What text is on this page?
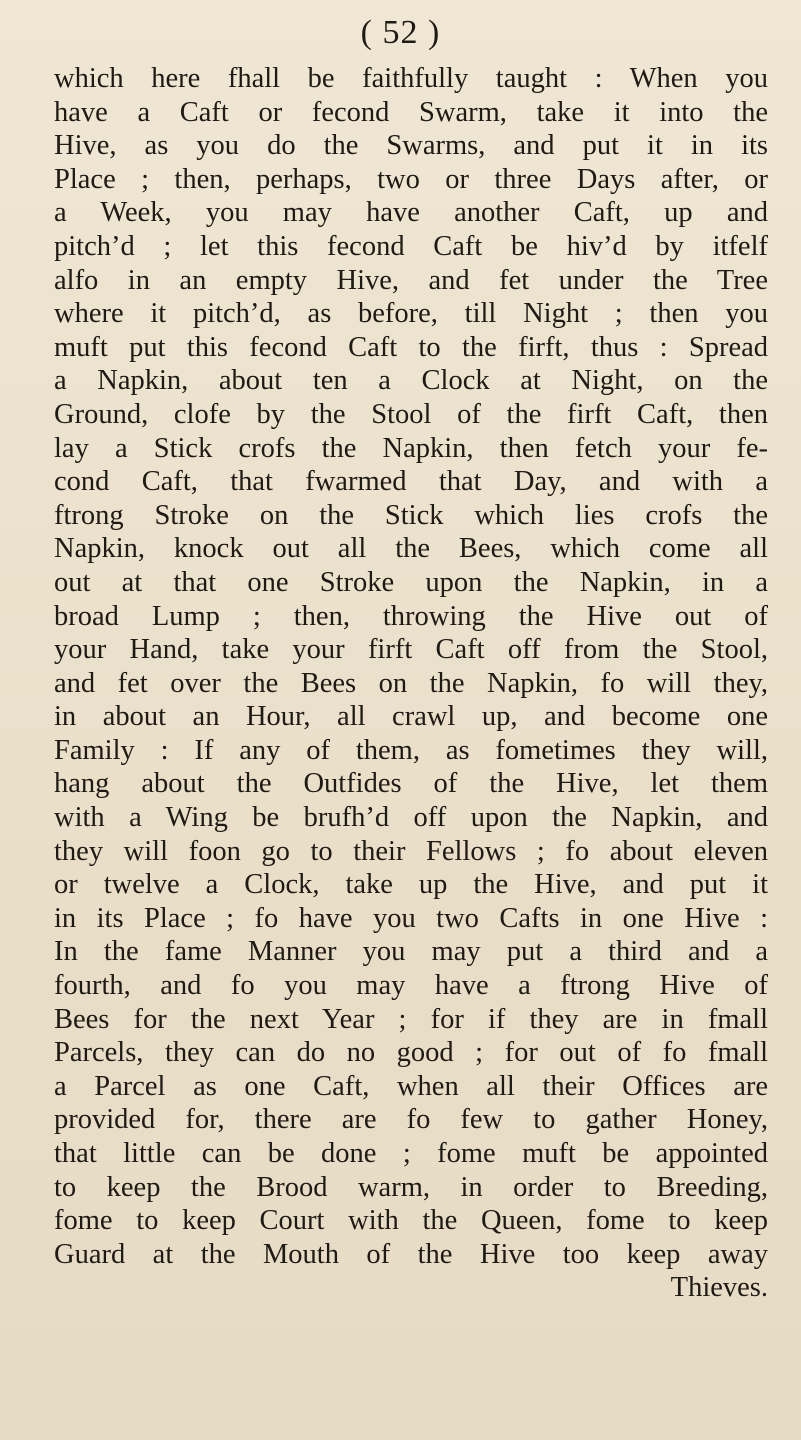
( 52 )
which here fhall be faithfully taught : When you
have a Caft or fecond Swarm, take it into the
Hive, as you do the Swarms, and put it in its
Place ; then, perhaps, two or three Days after, or
a Week, you may have another Caft, up and
pitch’d ; let this fecond Caft be hiv’d by itfelf
alfo in an empty Hive, and fet under the Tree
where it pitch’d, as before, till Night ; then you
muft put this fecond Caft to the firft, thus : Spread
a Napkin, about ten a Clock at Night, on the
Ground, clofe by the Stool of the firft Caft, then
lay a Stick crofs the Napkin, then fetch your fe-
cond Caft, that fwarmed that Day, and with a
ftrong Stroke on the Stick which lies crofs the
Napkin, knock out all the Bees, which come all
out at that one Stroke upon the Napkin, in a
broad Lump ; then, throwing the Hive out of
your Hand, take your firft Caft off from the Stool,
and fet over the Bees on the Napkin, fo will they,
in about an Hour, all crawl up, and become one
Family : If any of them, as fometimes they will,
hang about the Outfides of the Hive, let them
with a Wing be brufh’d off upon the Napkin, and
they will foon go to their Fellows ; fo about eleven
or twelve a Clock, take up the Hive, and put it
in its Place ; fo have you two Cafts in one Hive :
In the fame Manner you may put a third and a
fourth, and fo you may have a ftrong Hive of
Bees for the next Year ; for if they are in fmall
Parcels, they can do no good ; for out of fo fmall
a Parcel as one Caft, when all their Offices are
provided for, there are fo few to gather Honey,
that little can be done ; fome muft be appointed
to keep the Brood warm, in order to Breeding,
fome to keep Court with the Queen, fome to keep
Guard at the Mouth of the Hive too keep away
Thieves.
